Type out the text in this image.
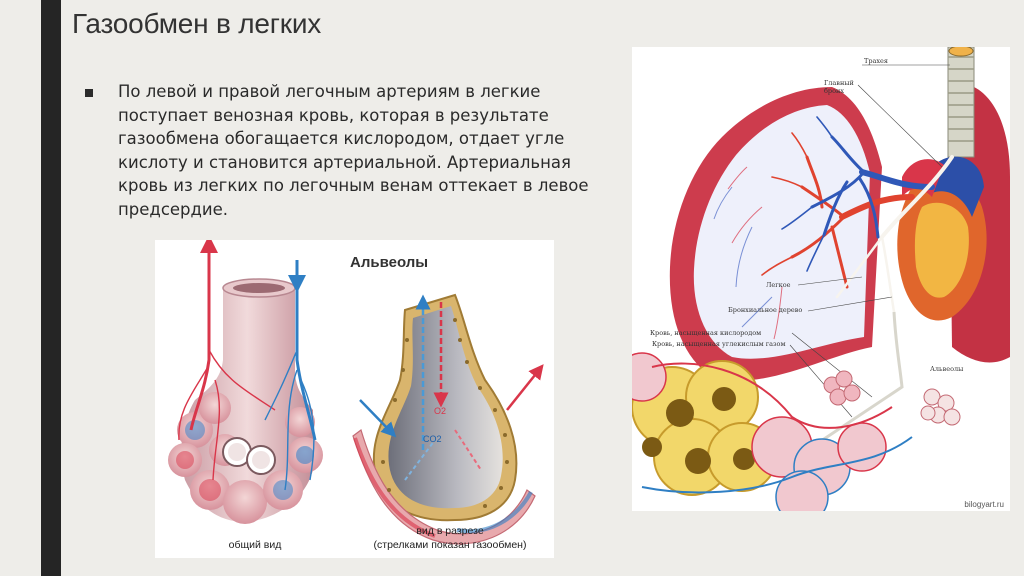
Газообмен в легких
По левой и правой легочным артериям в легкие поступает венозная кровь, которая в результате газообмена обогащается кислородом, отдает угле кислоту и становится артериальной. Артериальная кровь из легких по легочным венам оттекает в левое предсердие.
Альвеолы
O2
CO2
общий вид
вид в разрезе
(стрелками показан газообмен)
Трахея
Главный
бронх
Легкое
Бронхиальное дерево
Кровь, насыщенная кислородом
Кровь, насыщенная углекислым газом
Альвеолы
bilogyart.ru
